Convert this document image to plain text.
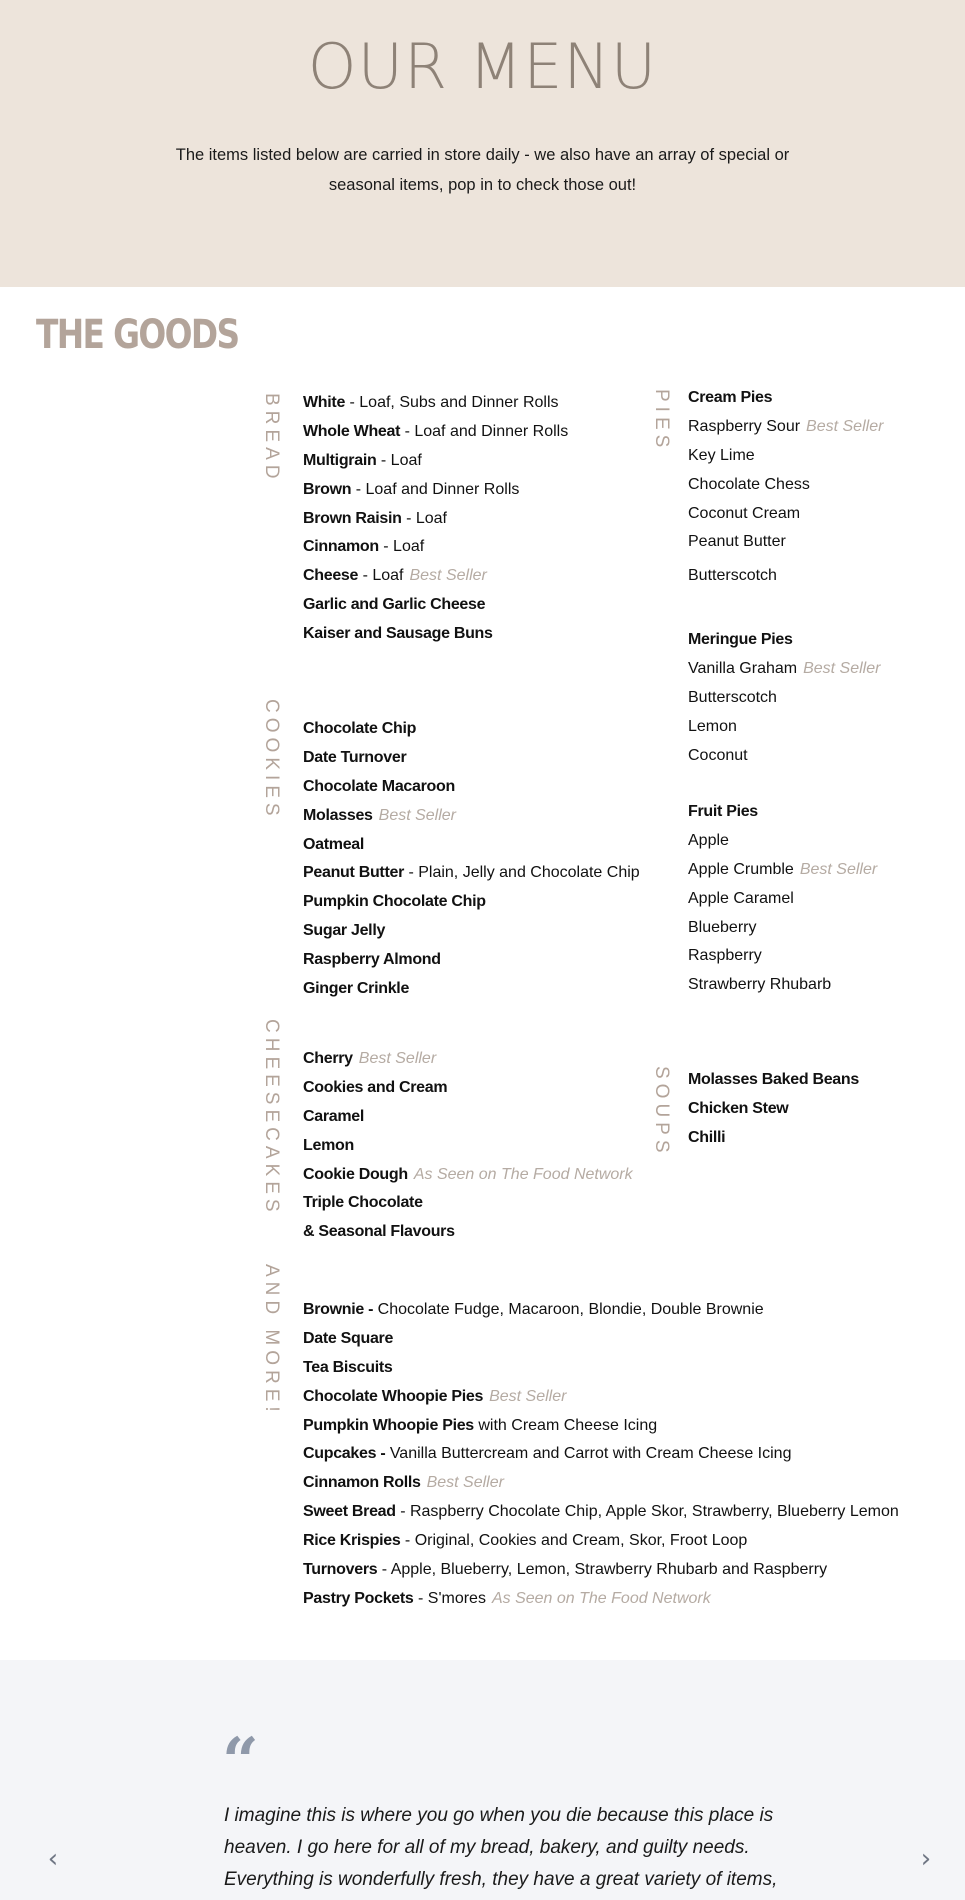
OUR MENU

The items listed below are carried in store daily - we also have an array of special or seasonal items, pop in to check those out!

THE GOODS
BREAD
COOKIES
CHEESECAKES
AND MORE!
White - Loaf, Subs and Dinner Rolls
Whole Wheat - Loaf and Dinner Rolls
Multigrain - Loaf
Brown - Loaf and Dinner Rolls
Brown Raisin - Loaf
Cinnamon - Loaf
Cheese - Loaf Best Seller
Garlic and Garlic Cheese
Kaiser and Sausage Buns
Chocolate Chip
Date Turnover
Chocolate Macaroon
Molasses Best Seller
Oatmeal
Peanut Butter - Plain, Jelly and Chocolate Chip
Pumpkin Chocolate Chip
Sugar Jelly
Raspberry Almond
Ginger Crinkle
Cherry Best Seller
Cookies and Cream
Caramel
Lemon
Cookie Dough As Seen on The Food Network
Triple Chocolate
& Seasonal Flavours
Brownie - Chocolate Fudge, Macaroon, Blondie, Double Brownie
Date Square
Tea Biscuits
Chocolate Whoopie Pies Best Seller
Pumpkin Whoopie Pies with Cream Cheese Icing
Cupcakes - Vanilla Buttercream and Carrot with Cream Cheese Icing
Cinnamon Rolls Best Seller
Sweet Bread - Raspberry Chocolate Chip, Apple Skor, Strawberry, Blueberry Lemon
Rice Krispies - Original, Cookies and Cream, Skor, Froot Loop
Turnovers - Apple, Blueberry, Lemon, Strawberry Rhubarb and Raspberry
Pastry Pockets - S'mores As Seen on The Food Network
PIES
SOUPS
Cream Pies
Raspberry Sour Best Seller
Key Lime
Chocolate Chess
Coconut Cream
Peanut Butter
Butterscotch
Meringue Pies
Vanilla Graham Best Seller
Butterscotch
Lemon
Coconut
Fruit Pies
Apple
Apple Crumble Best Seller
Apple Caramel
Blueberry
Raspberry
Strawberry Rhubarb
Molasses Baked Beans
Chicken Stew
Chilli
“

I imagine this is where you go when you die because this place is heaven. I go here for all of my bread, bakery, and guilty needs. Everything is wonderfully fresh, they have a great variety of items,

‹	›
